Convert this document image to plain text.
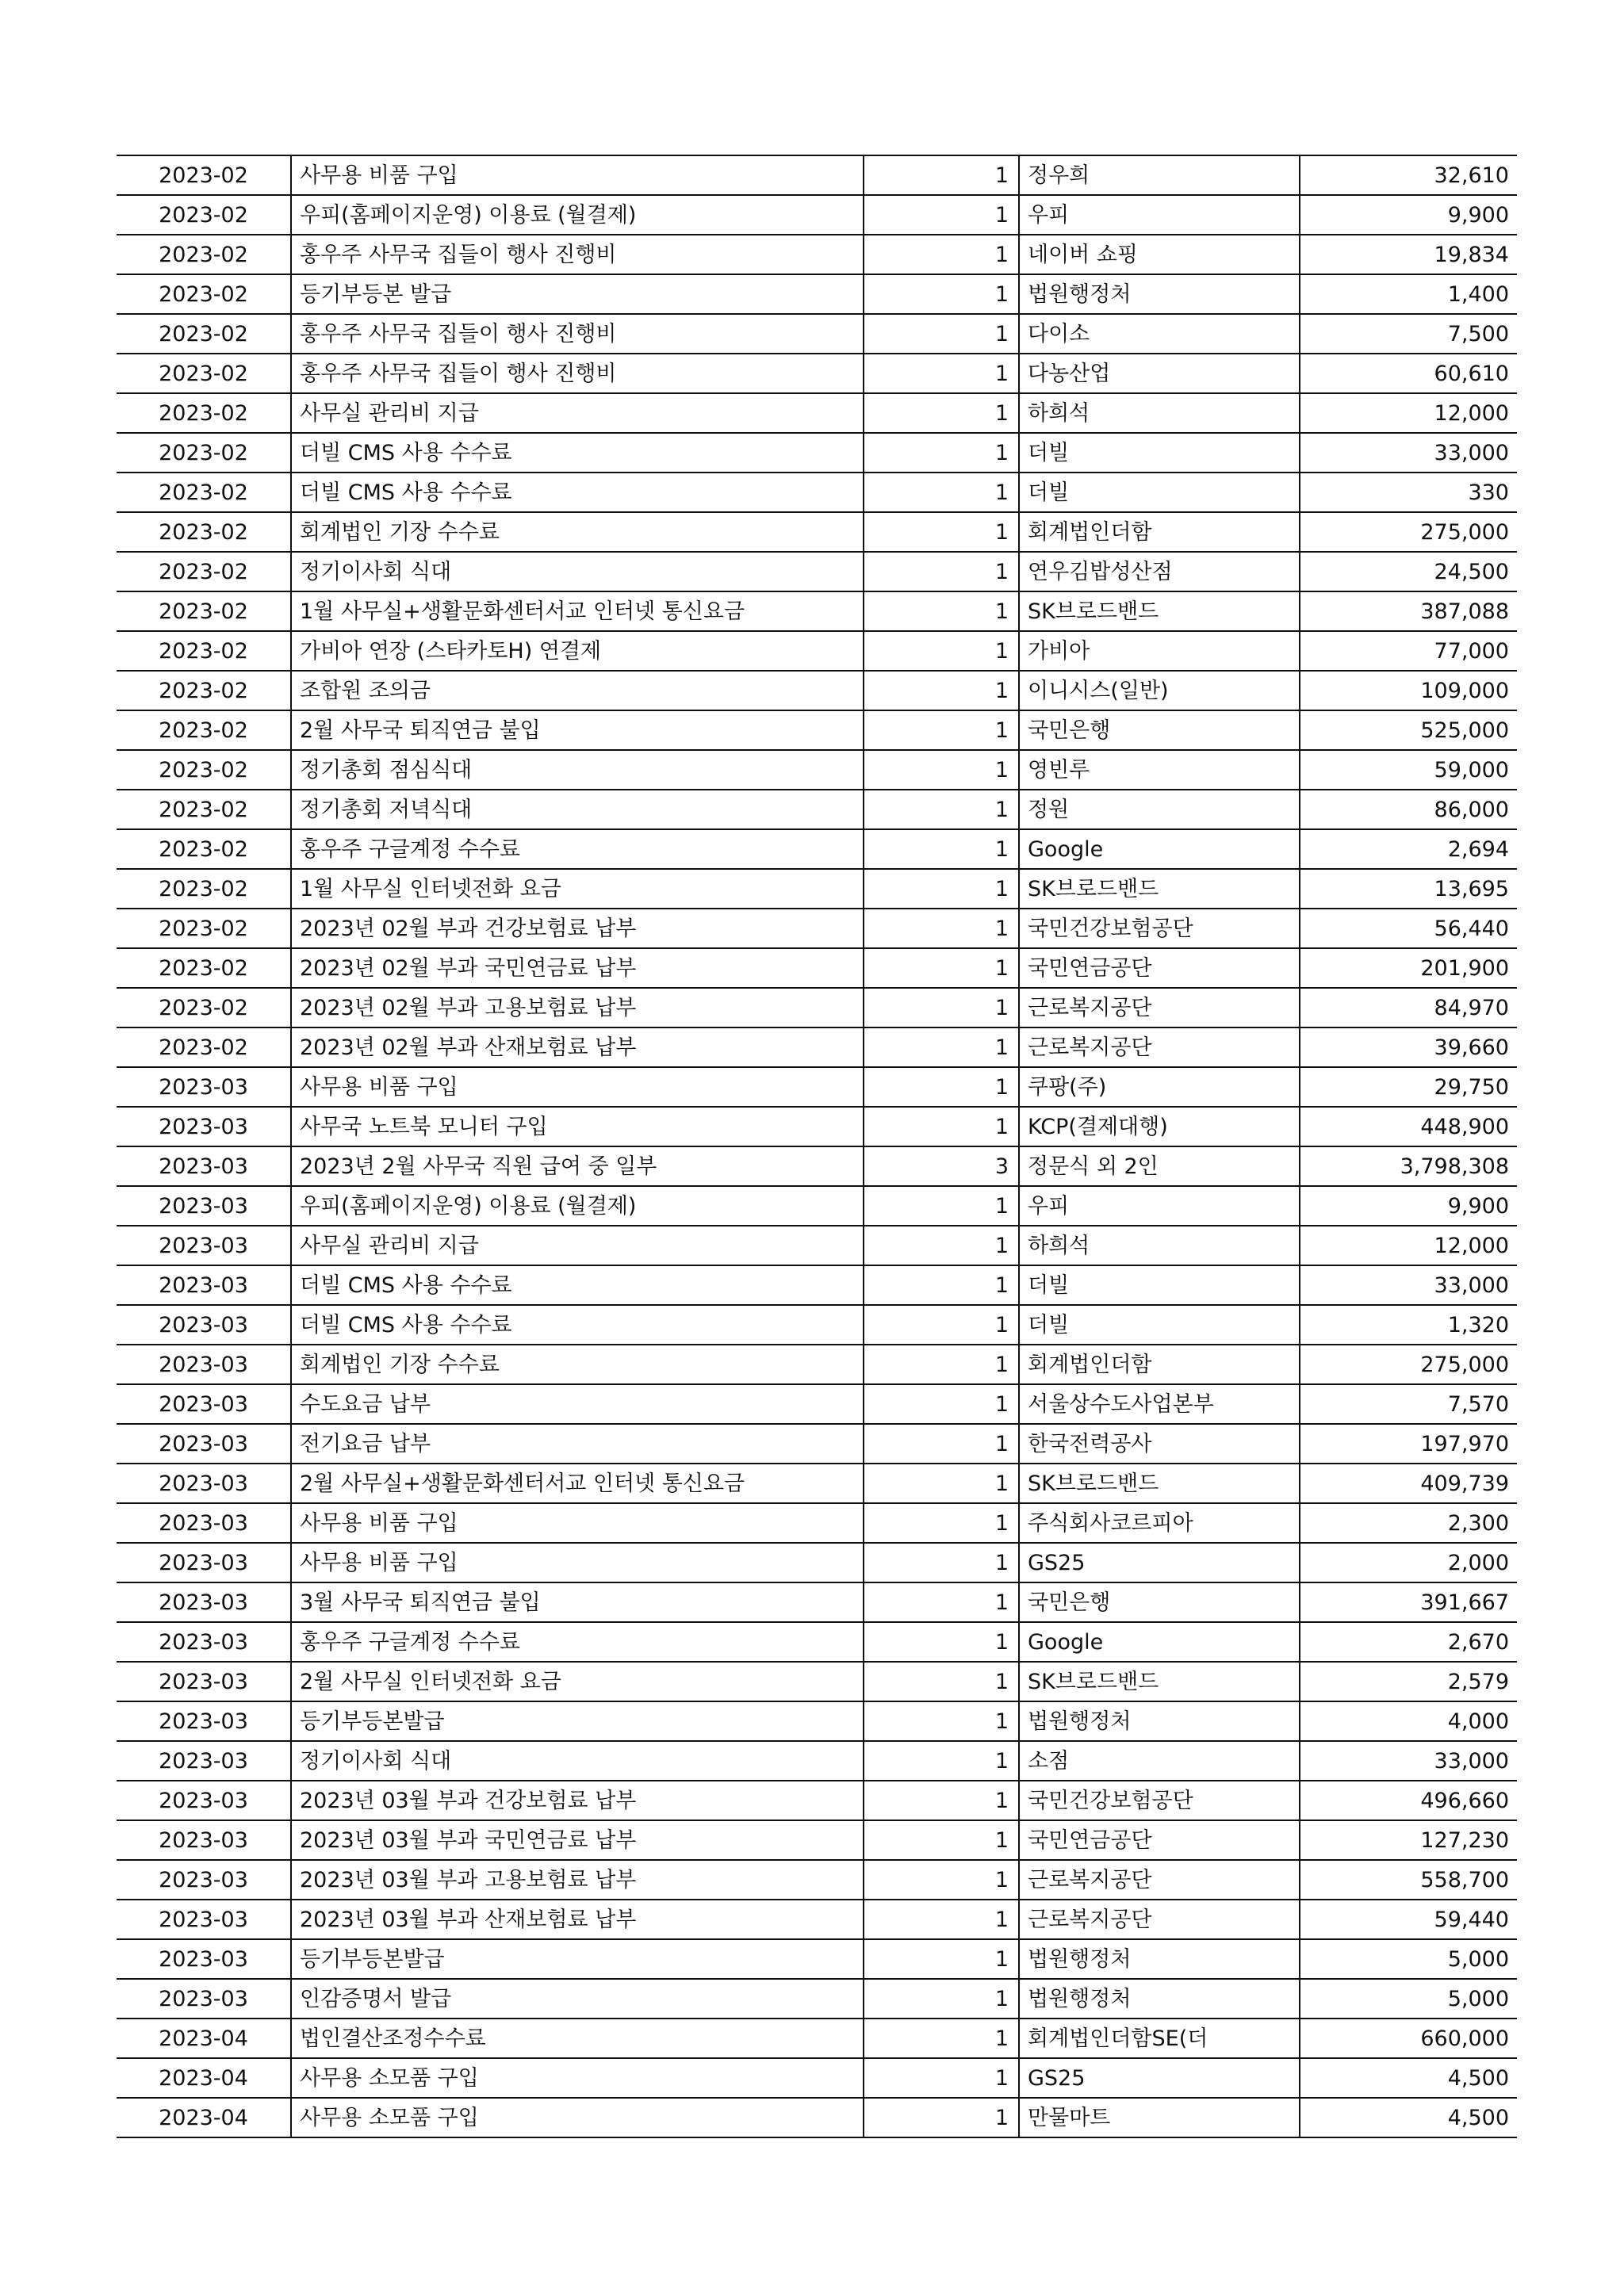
2023-02	사무용 비품 구입	1	정우희	32,610
2023-02	우피(홈페이지운영) 이용료 (월결제)	1	우피	9,900
2023-02	홍우주 사무국 집들이 행사 진행비	1	네이버 쇼핑	19,834
2023-02	등기부등본 발급	1	법원행정처	1,400
2023-02	홍우주 사무국 집들이 행사 진행비	1	다이소	7,500
2023-02	홍우주 사무국 집들이 행사 진행비	1	다농산업	60,610
2023-02	사무실 관리비 지급	1	하희석	12,000
2023-02	더빌 CMS 사용 수수료	1	더빌	33,000
2023-02	더빌 CMS 사용 수수료	1	더빌	330
2023-02	회계법인 기장 수수료	1	회계법인더함	275,000
2023-02	정기이사회 식대	1	연우김밥성산점	24,500
2023-02	1월 사무실+생활문화센터서교 인터넷 통신요금	1	SK브로드밴드	387,088
2023-02	가비아 연장 (스타카토H) 연결제	1	가비아	77,000
2023-02	조합원 조의금	1	이니시스(일반)	109,000
2023-02	2월 사무국 퇴직연금 불입	1	국민은행	525,000
2023-02	정기총회 점심식대	1	영빈루	59,000
2023-02	정기총회 저녁식대	1	정원	86,000
2023-02	홍우주 구글계정 수수료	1	Google	2,694
2023-02	1월 사무실 인터넷전화 요금	1	SK브로드밴드	13,695
2023-02	2023년 02월 부과 건강보험료 납부	1	국민건강보험공단	56,440
2023-02	2023년 02월 부과 국민연금료 납부	1	국민연금공단	201,900
2023-02	2023년 02월 부과 고용보험료 납부	1	근로복지공단	84,970
2023-02	2023년 02월 부과 산재보험료 납부	1	근로복지공단	39,660
2023-03	사무용 비품 구입	1	쿠팡(주)	29,750
2023-03	사무국 노트북 모니터 구입	1	KCP(결제대행)	448,900
2023-03	2023년 2월 사무국 직원 급여 중 일부	3	정문식 외 2인	3,798,308
2023-03	우피(홈페이지운영) 이용료 (월결제)	1	우피	9,900
2023-03	사무실 관리비 지급	1	하희석	12,000
2023-03	더빌 CMS 사용 수수료	1	더빌	33,000
2023-03	더빌 CMS 사용 수수료	1	더빌	1,320
2023-03	회계법인 기장 수수료	1	회계법인더함	275,000
2023-03	수도요금 납부	1	서울상수도사업본부	7,570
2023-03	전기요금 납부	1	한국전력공사	197,970
2023-03	2월 사무실+생활문화센터서교 인터넷 통신요금	1	SK브로드밴드	409,739
2023-03	사무용 비품 구입	1	주식회사코르피아	2,300
2023-03	사무용 비품 구입	1	GS25	2,000
2023-03	3월 사무국 퇴직연금 불입	1	국민은행	391,667
2023-03	홍우주 구글계정 수수료	1	Google	2,670
2023-03	2월 사무실 인터넷전화 요금	1	SK브로드밴드	2,579
2023-03	등기부등본발급	1	법원행정처	4,000
2023-03	정기이사회 식대	1	소점	33,000
2023-03	2023년 03월 부과 건강보험료 납부	1	국민건강보험공단	496,660
2023-03	2023년 03월 부과 국민연금료 납부	1	국민연금공단	127,230
2023-03	2023년 03월 부과 고용보험료 납부	1	근로복지공단	558,700
2023-03	2023년 03월 부과 산재보험료 납부	1	근로복지공단	59,440
2023-03	등기부등본발급	1	법원행정처	5,000
2023-03	인감증명서 발급	1	법원행정처	5,000
2023-04	법인결산조정수수료	1	회계법인더함SE(더	660,000
2023-04	사무용 소모품 구입	1	GS25	4,500
2023-04	사무용 소모품 구입	1	만물마트	4,500
